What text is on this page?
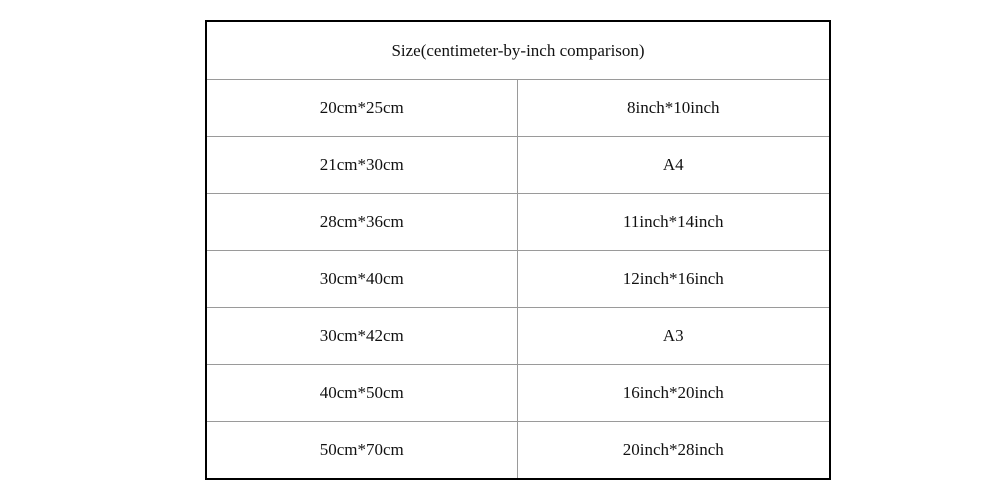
Size(centimeter-by-inch comparison)	
20cm*25cm	8inch*10inch
21cm*30cm	A4
28cm*36cm	11inch*14inch
30cm*40cm	12inch*16inch
30cm*42cm	A3
40cm*50cm	16inch*20inch
50cm*70cm	20inch*28inch
